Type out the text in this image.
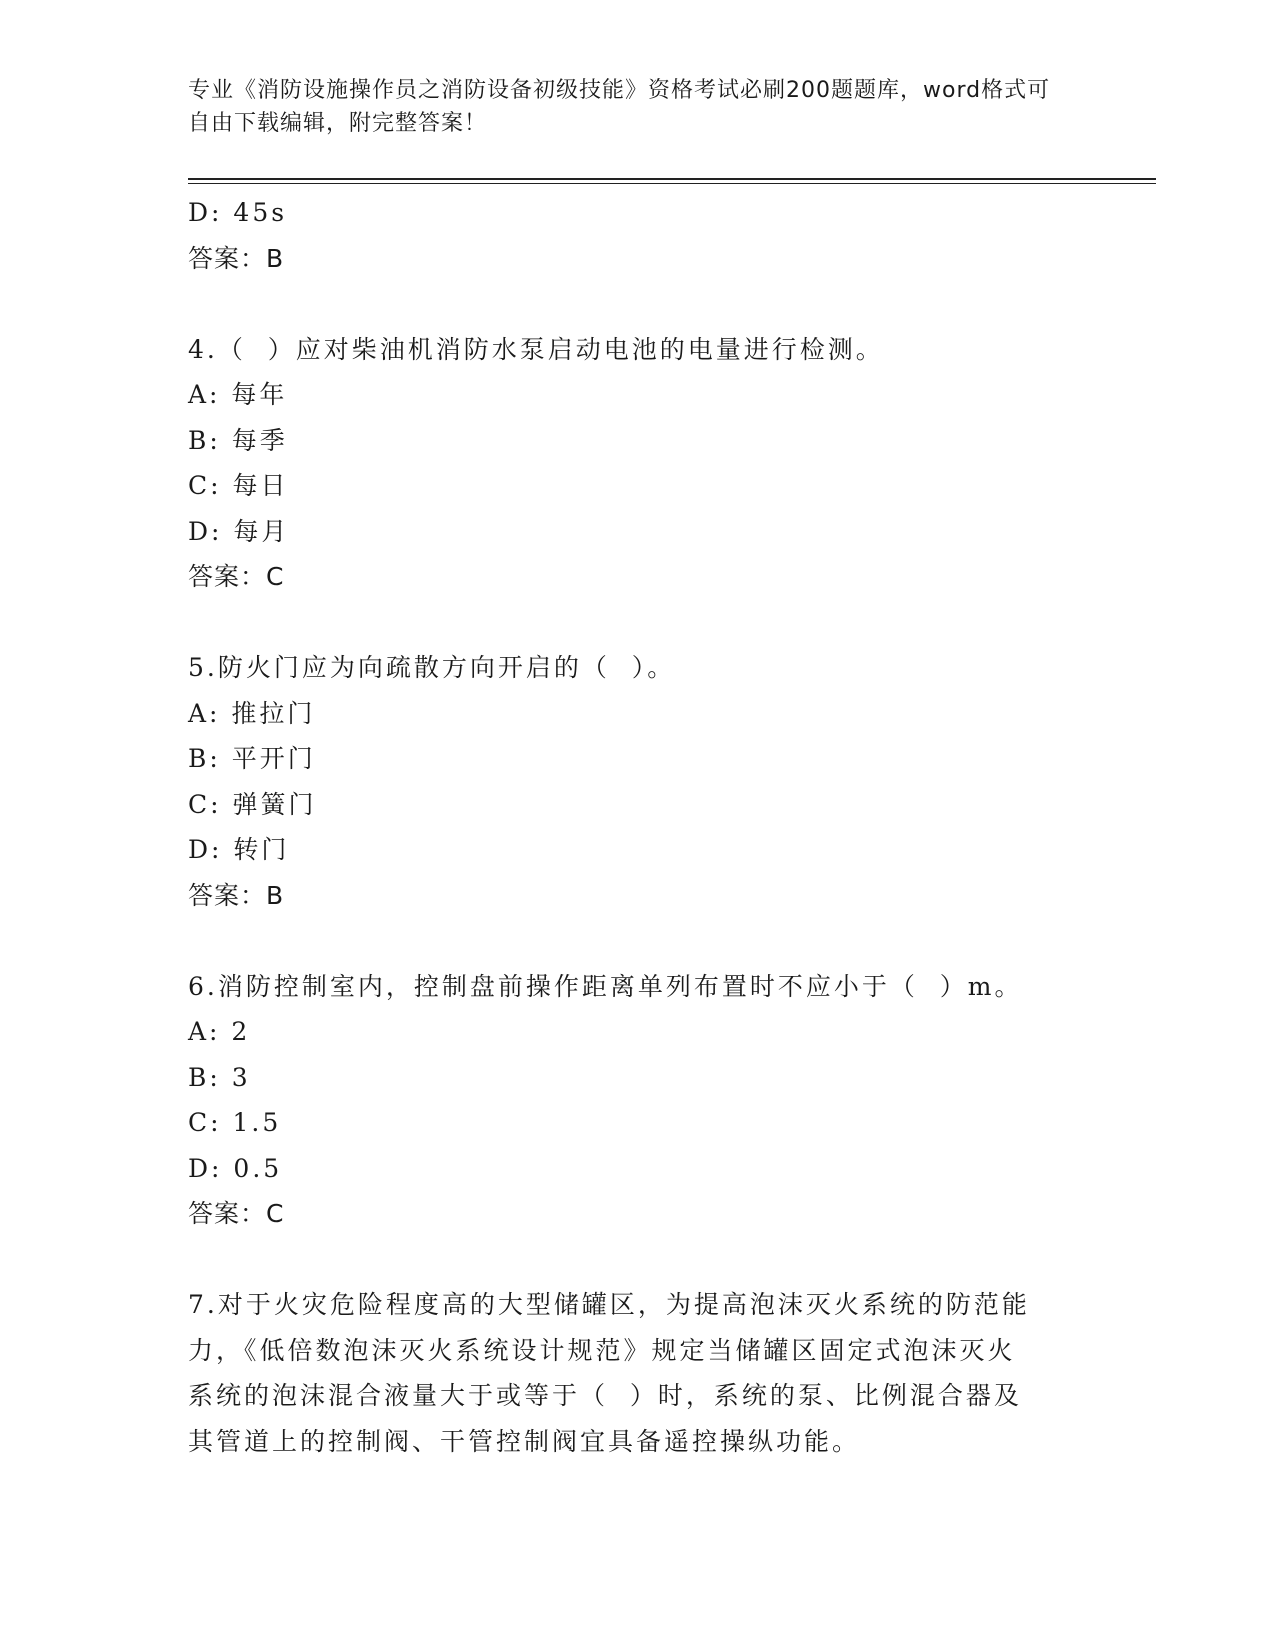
专业《消防设施操作员之消防设备初级技能》资格考试必刷200题题库，word格式可自由下载编辑，附完整答案！
D: 45s
答案：B
4.（  ）应对柴油机消防水泵启动电池的电量进行检测。
A: 每年
B: 每季
C: 每日
D: 每月
答案：C
5.防火门应为向疏散方向开启的（  ）。
A: 推拉门
B: 平开门
C: 弹簧门
D: 转门
答案：B
6.消防控制室内，控制盘前操作距离单列布置时不应小于（  ）m。
A: 2
B: 3
C: 1.5
D: 0.5
答案：C
7.对于火灾危险程度高的大型储罐区，为提高泡沫灭火系统的防范能
力，《低倍数泡沫灭火系统设计规范》规定当储罐区固定式泡沫灭火
系统的泡沫混合液量大于或等于（  ）时，系统的泵、比例混合器及
其管道上的控制阀、干管控制阀宜具备遥控操纵功能。
